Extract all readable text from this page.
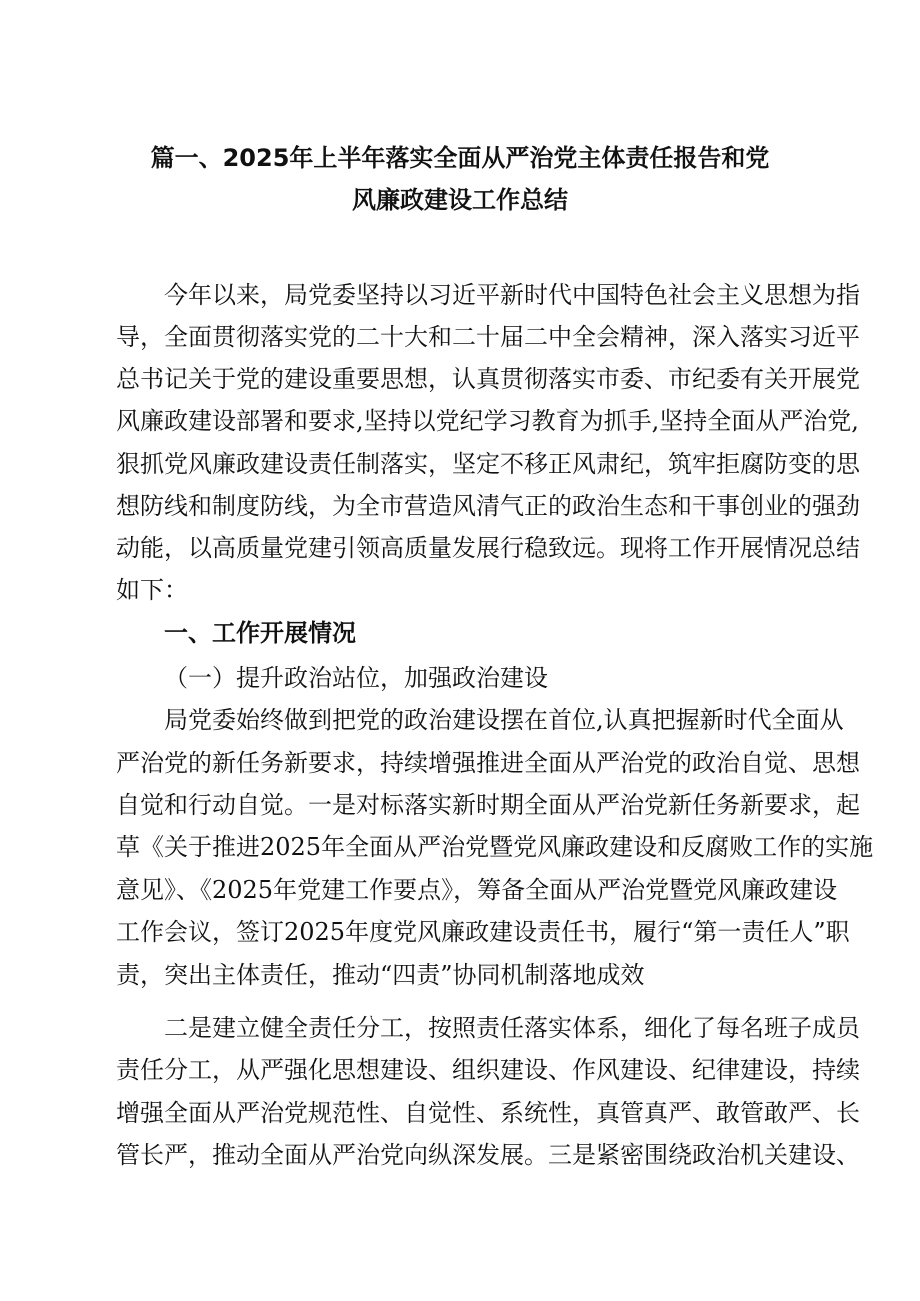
篇一、2025年上半年落实全面从严治党主体责任报告和党
风廉政建设工作总结
今年以来，局党委坚持以习近平新时代中国特色社会主义思想为指
导，全面贯彻落实党的二十大和二十届二中全会精神，深入落实习近平
总书记关于党的建设重要思想，认真贯彻落实市委、市纪委有关开展党
风廉政建设部署和要求,坚持以党纪学习教育为抓手,坚持全面从严治党,
狠抓党风廉政建设责任制落实，坚定不移正风肃纪，筑牢拒腐防变的思
想防线和制度防线，为全市营造风清气正的政治生态和干事创业的强劲
动能，以高质量党建引领高质量发展行稳致远。现将工作开展情况总结
如下：
一、工作开展情况
（一）提升政治站位，加强政治建设
局党委始终做到把党的政治建设摆在首位,认真把握新时代全面从
严治党的新任务新要求，持续增强推进全面从严治党的政治自觉、思想
自觉和行动自觉。一是对标落实新时期全面从严治党新任务新要求，起
草《关于推进2025年全面从严治党暨党风廉政建设和反腐败工作的实施
意见》、《2025年党建工作要点》，筹备全面从严治党暨党风廉政建设
工作会议，签订2025年度党风廉政建设责任书，履行“第一责任人”职
责，突出主体责任，推动“四责”协同机制落地成效
二是建立健全责任分工，按照责任落实体系，细化了每名班子成员
责任分工，从严强化思想建设、组织建设、作风建设、纪律建设，持续
增强全面从严治党规范性、自觉性、系统性，真管真严、敢管敢严、长
管长严，推动全面从严治党向纵深发展。三是紧密围绕政治机关建设、
